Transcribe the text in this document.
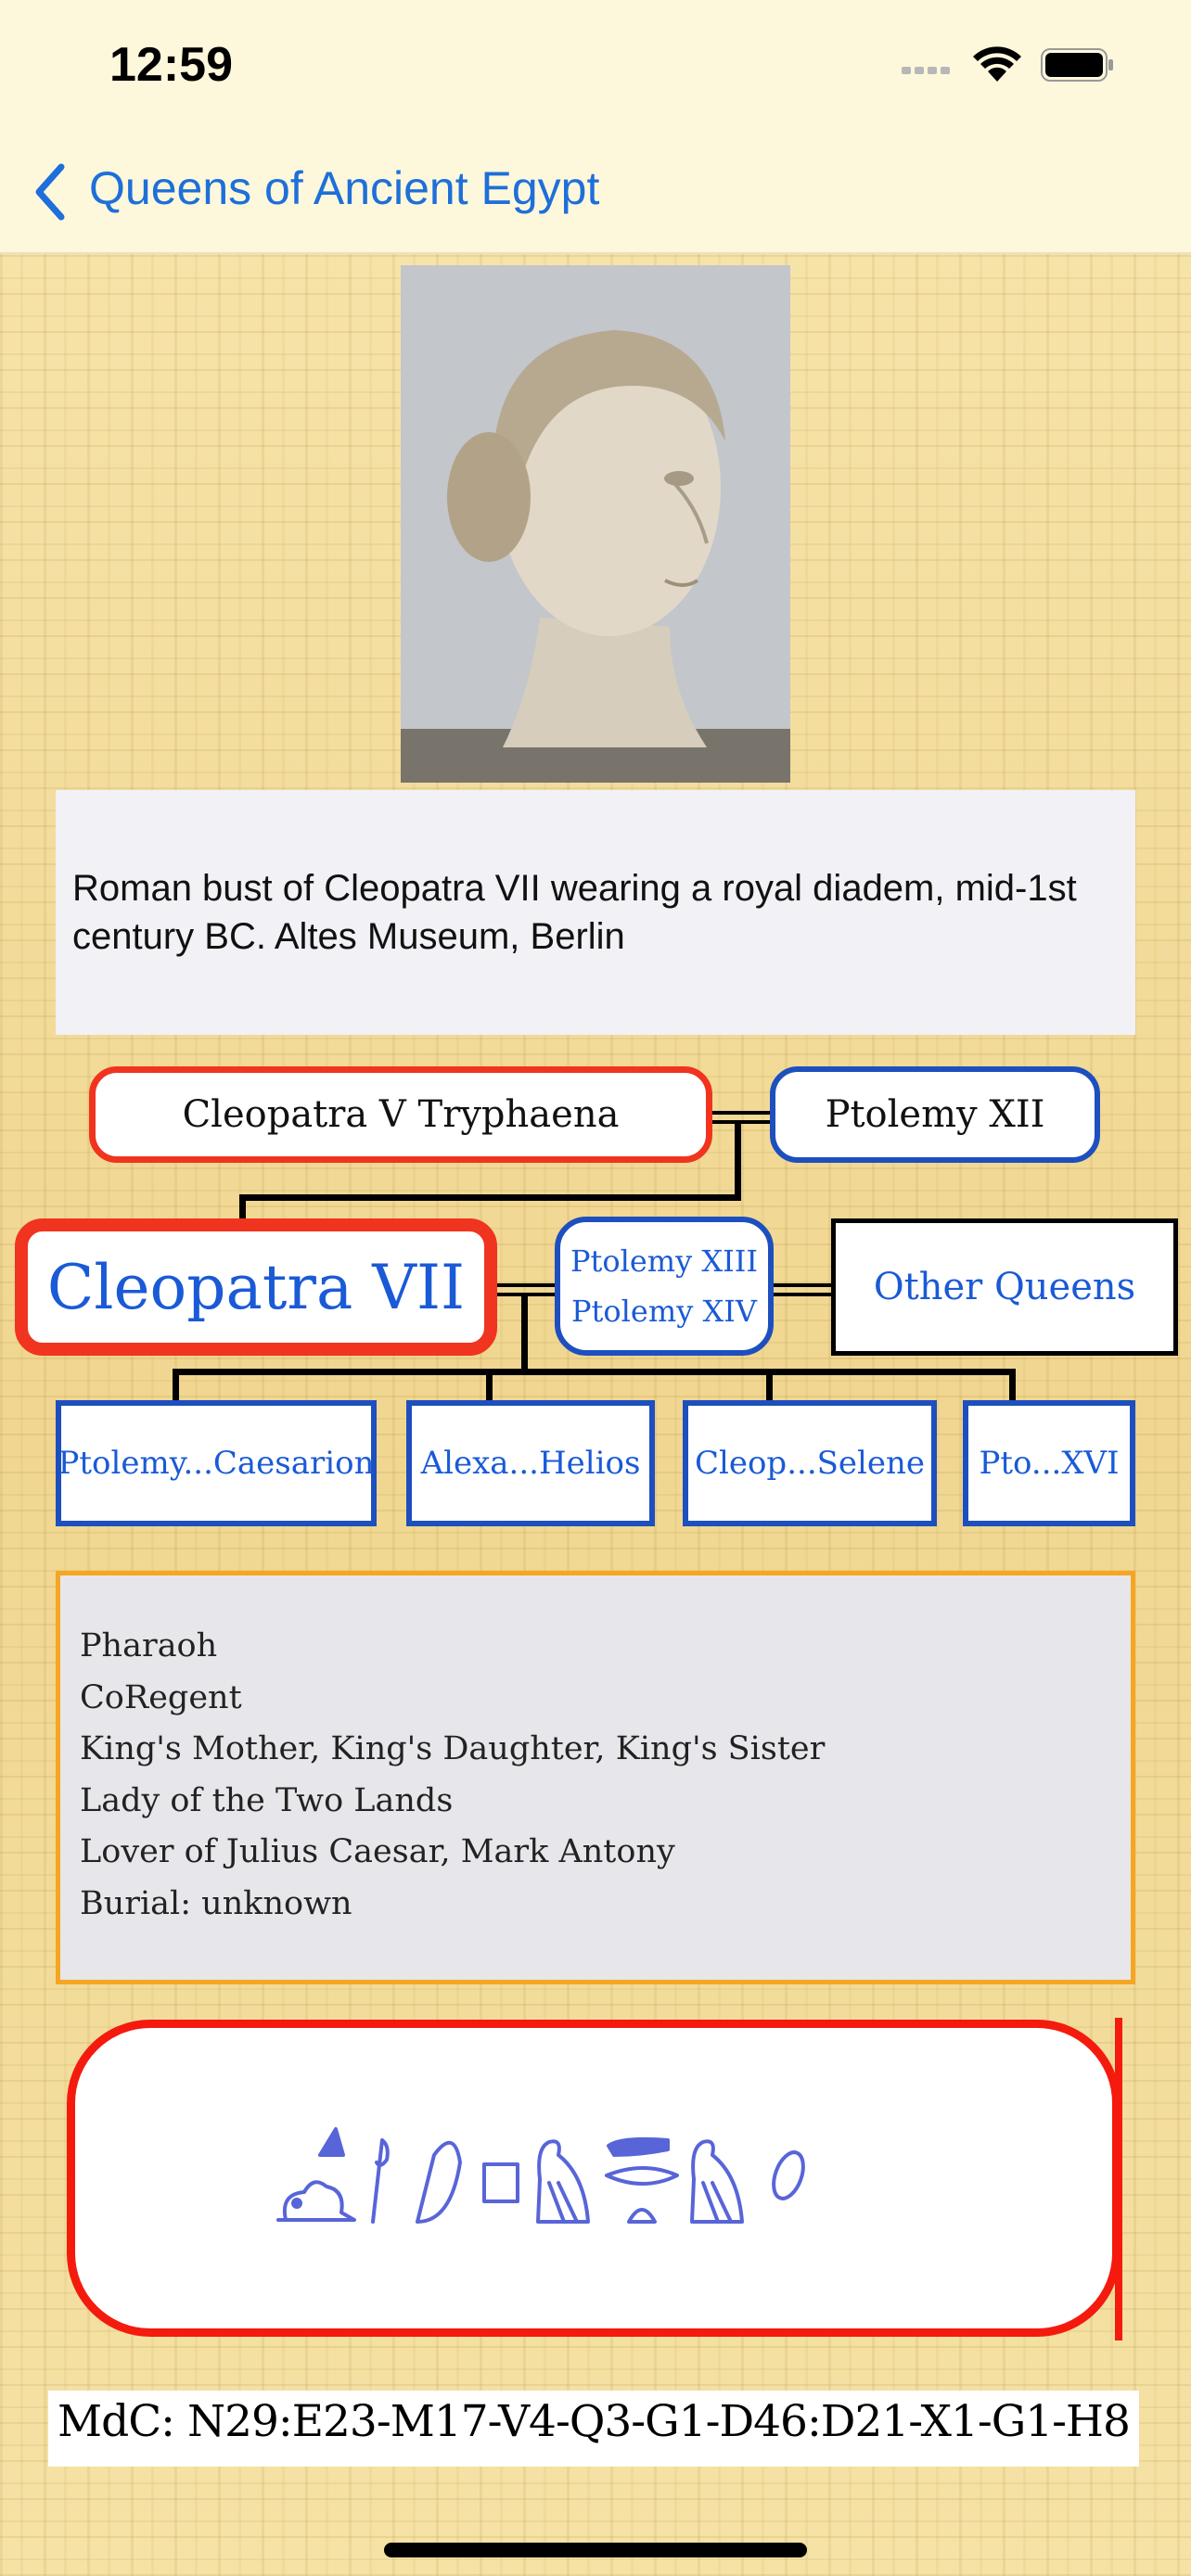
12:59
Queens of Ancient Egypt
Roman bust of Cleopatra VII wearing a royal diadem, mid-1st century BC. Altes Museum, Berlin
Cleopatra V Tryphaena	Ptolemy XII
Cleopatra VII	Ptolemy XIII
Ptolemy XIV
Other Queens
Ptolemy...Caesarion	Alexa...Helios	Cleop...Selene	Pto...XVI
Pharaoh
CoRegent
King's Mother, King's Daughter, King's Sister
Lady of the Two Lands
Lover of Julius Caesar, Mark Antony
Burial: unknown
MdC: N29:E23-M17-V4-Q3-G1-D46:D21-X1-G1-H8
